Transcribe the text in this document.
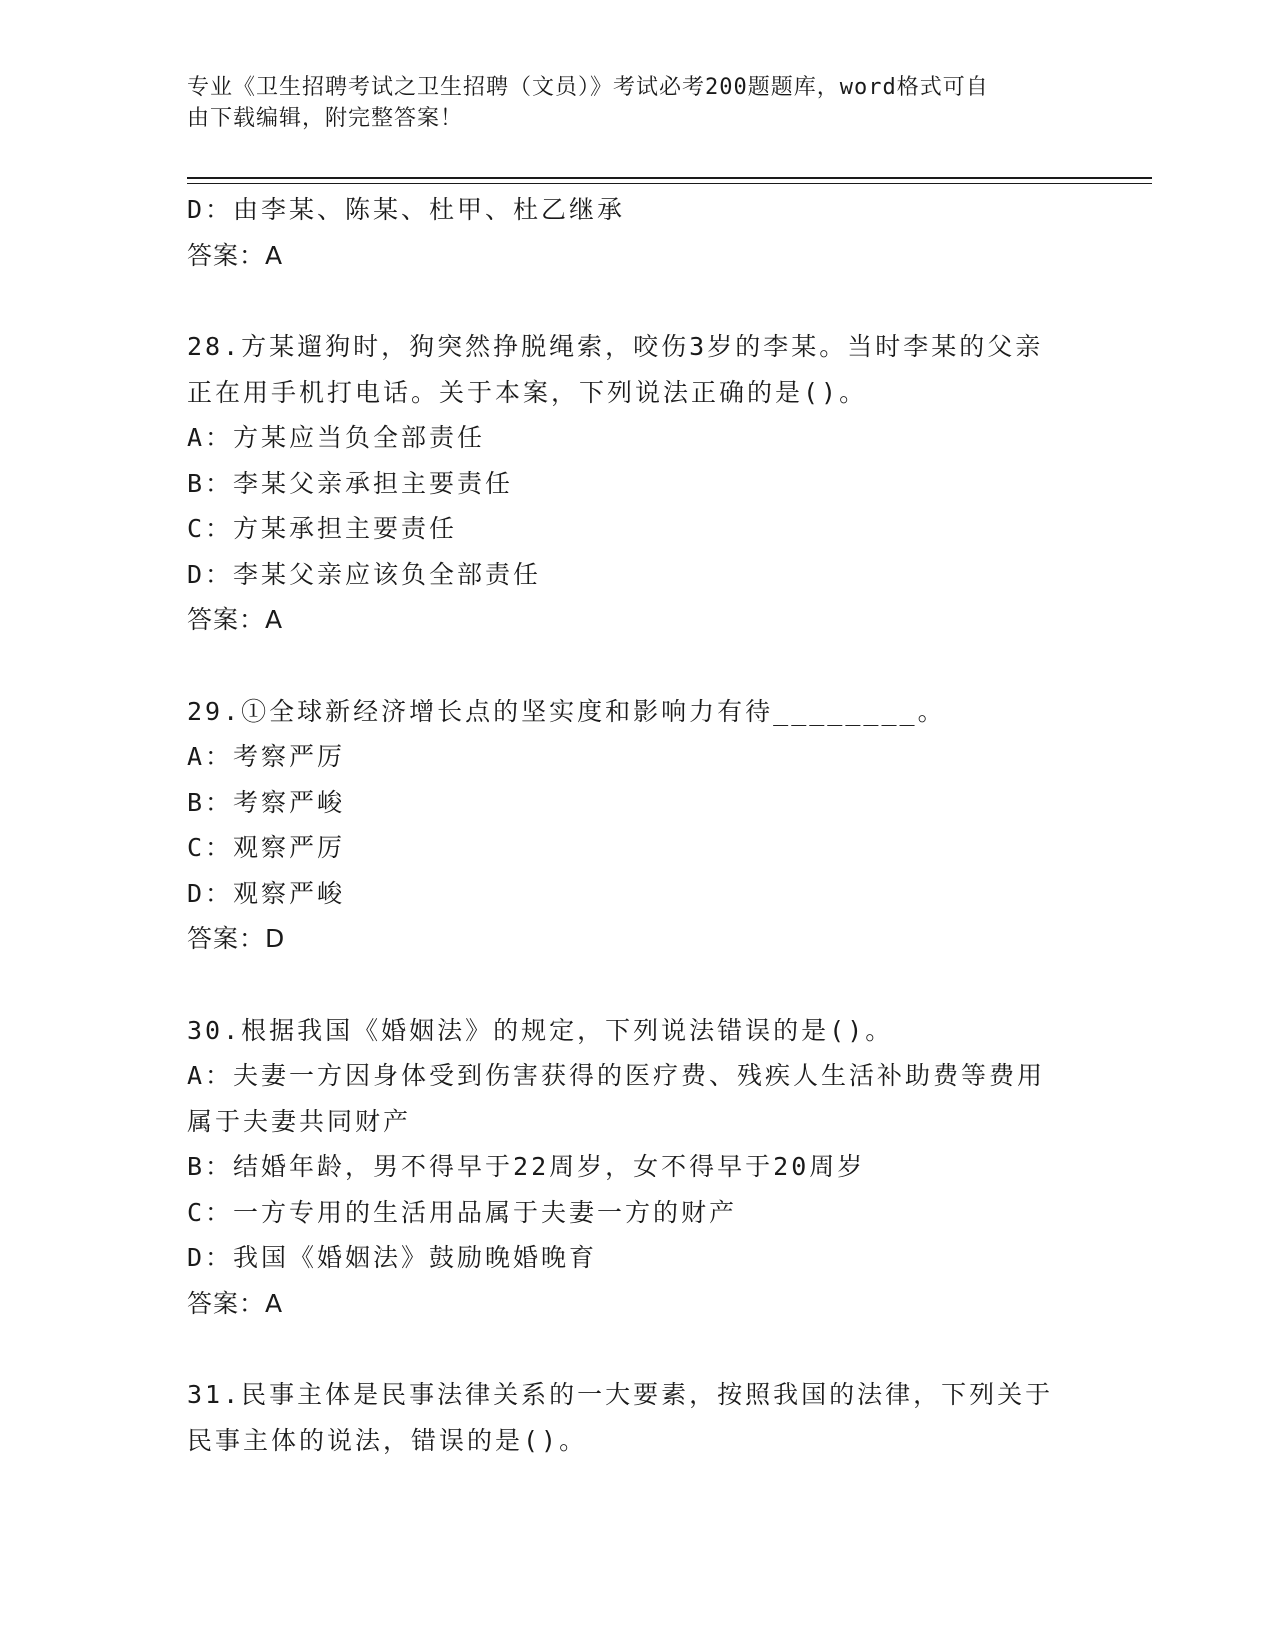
专业《卫生招聘考试之卫生招聘（文员）》考试必考200题题库，word格式可自
由下载编辑，附完整答案！
D：由李某、陈某、杜甲、杜乙继承
答案：A
28.方某遛狗时，狗突然挣脱绳索，咬伤3岁的李某。当时李某的父亲
正在用手机打电话。关于本案，下列说法正确的是()。
A：方某应当负全部责任
B：李某父亲承担主要责任
C：方某承担主要责任
D：李某父亲应该负全部责任
答案：A
29.①全球新经济增长点的坚实度和影响力有待________。
A：考察严厉
B：考察严峻
C：观察严厉
D：观察严峻
答案：D
30.根据我国《婚姻法》的规定，下列说法错误的是()。
A：夫妻一方因身体受到伤害获得的医疗费、残疾人生活补助费等费用
属于夫妻共同财产
B：结婚年龄，男不得早于22周岁，女不得早于20周岁
C：一方专用的生活用品属于夫妻一方的财产
D：我国《婚姻法》鼓励晚婚晚育
答案：A
31.民事主体是民事法律关系的一大要素，按照我国的法律，下列关于
民事主体的说法，错误的是()。
